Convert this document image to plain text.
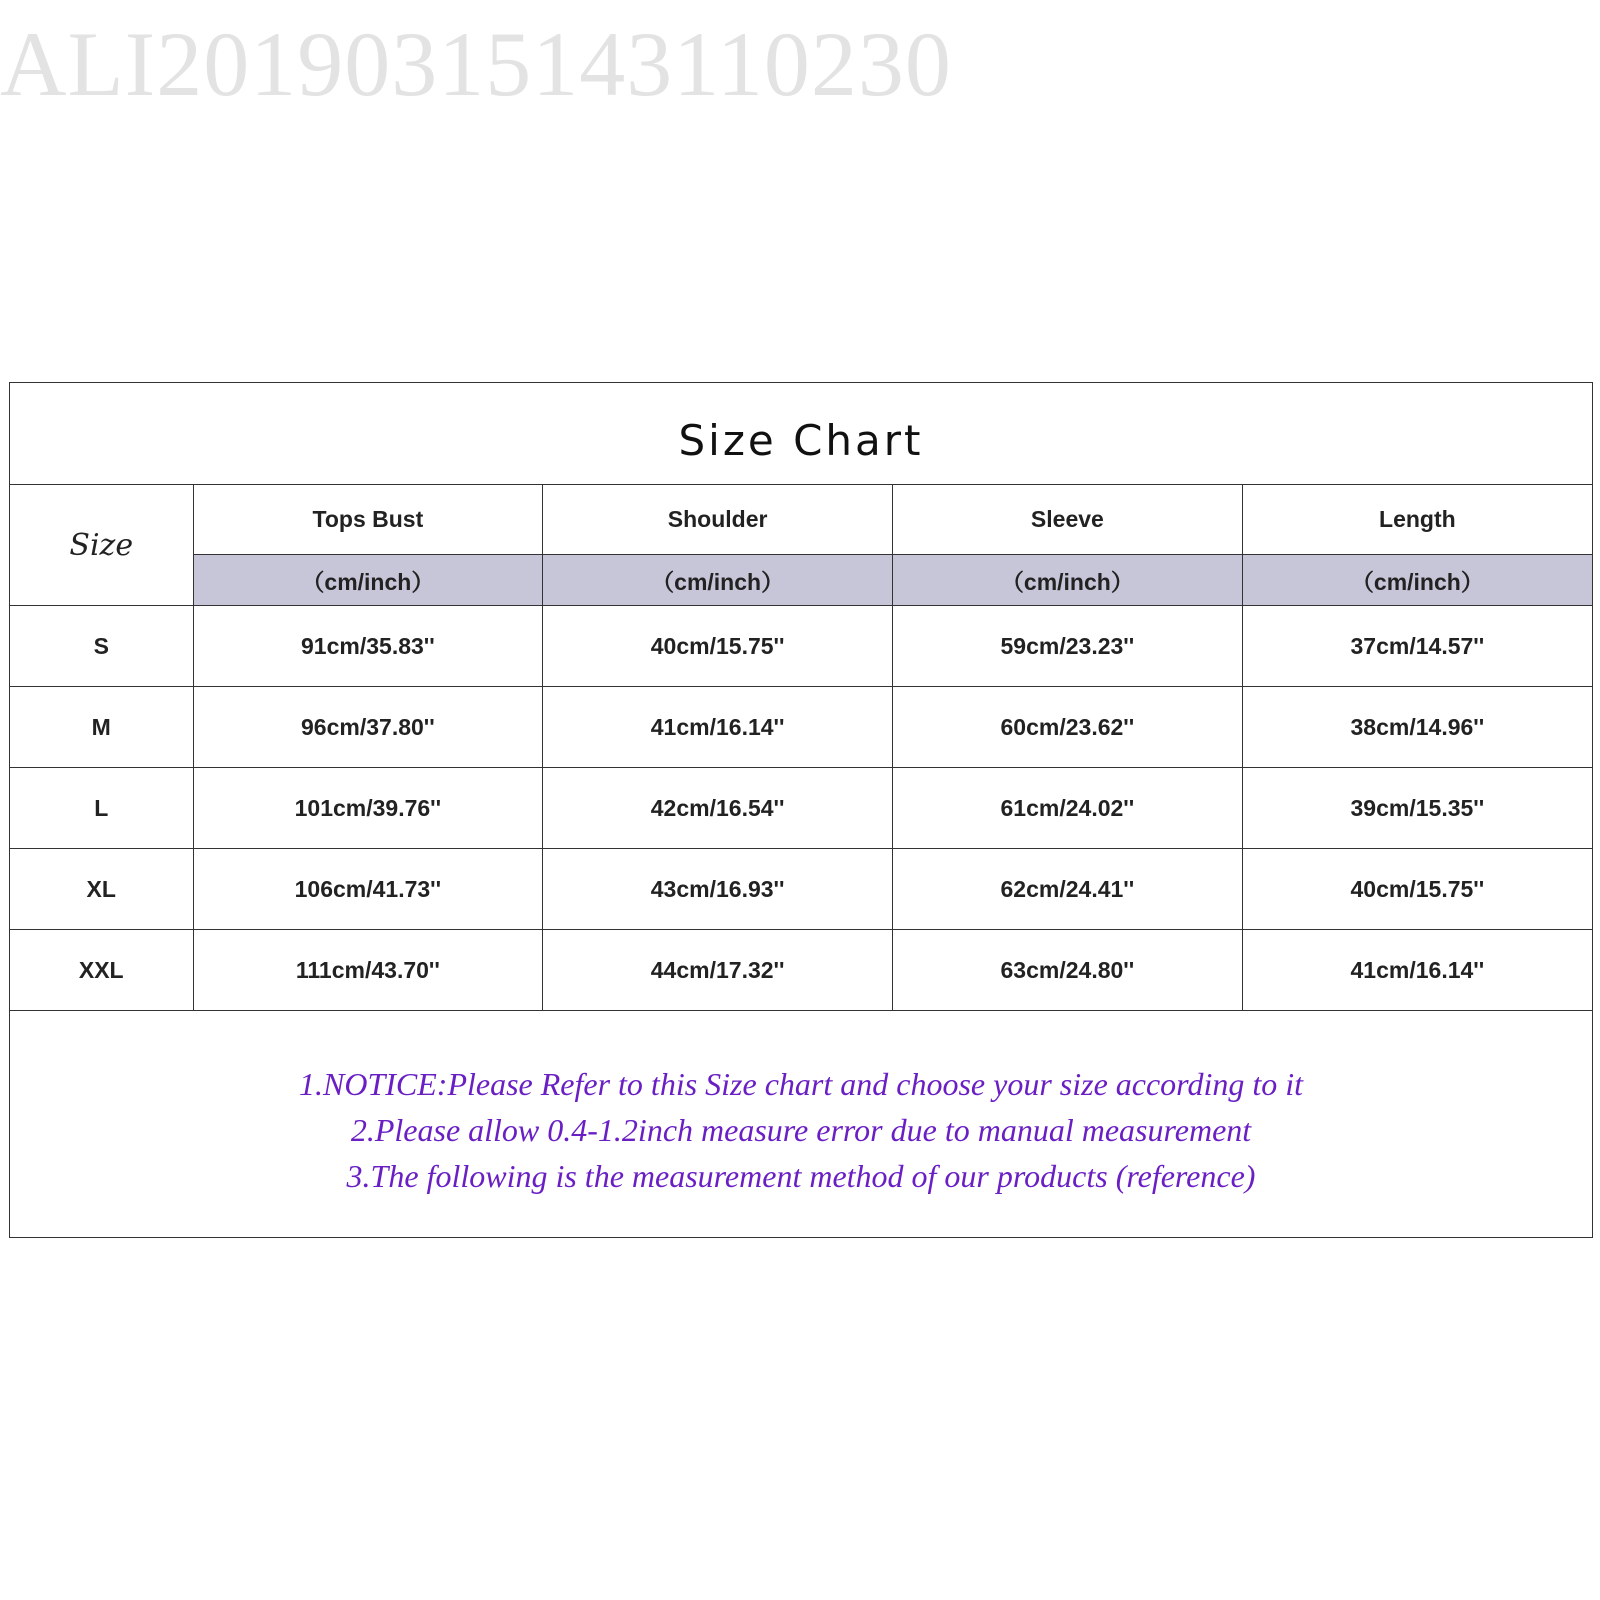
ALI20190315143110230
Size Chart
Size	Tops Bust	Shoulder	Sleeve	Length
	（cm/inch）	（cm/inch）	（cm/inch）	（cm/inch）
S	91cm/35.83''	40cm/15.75''	59cm/23.23''	37cm/14.57''
M	96cm/37.80''	41cm/16.14''	60cm/23.62''	38cm/14.96''
L	101cm/39.76''	42cm/16.54''	61cm/24.02''	39cm/15.35''
XL	106cm/41.73''	43cm/16.93''	62cm/24.41''	40cm/15.75''
XXL	111cm/43.70''	44cm/17.32''	63cm/24.80''	41cm/16.14''
1.NOTICE:Please Refer to this Size chart and choose your size according to it
2.Please allow 0.4-1.2inch measure error due to manual measurement
3.The following is the measurement method of our products (reference)
